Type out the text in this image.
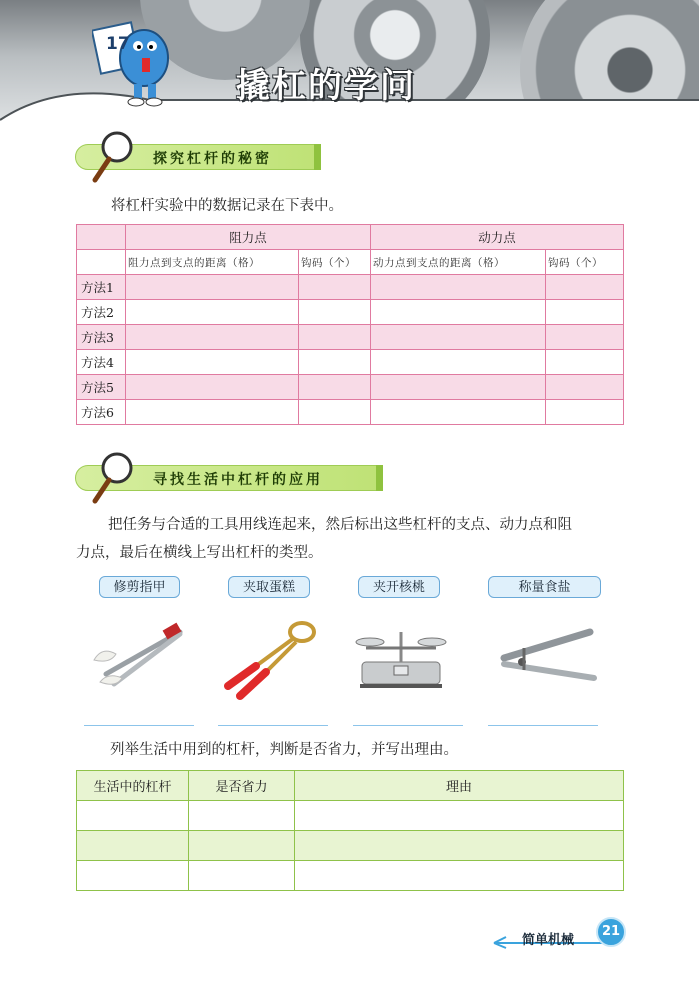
17
撬杠的学问
探究杠杆的秘密
将杠杆实验中的数据记录在下表中。
	阻力点		动力点	
	阻力点到支点的距离（格）	钩码（个）	动力点到支点的距离（格）	钩码（个）
方法1				
方法2				
方法3				
方法4				
方法5				
方法6				
寻找生活中杠杆的应用
把任务与合适的工具用线连起来，然后标出这些杠杆的支点、动力点和阻
力点，最后在横线上写出杠杆的类型。
修剪指甲	夹取蛋糕	夹开核桃	称量食盐
列举生活中用到的杠杆，判断是否省力，并写出理由。
生活中的杠杆	是否省力	理由

简单机械
21
